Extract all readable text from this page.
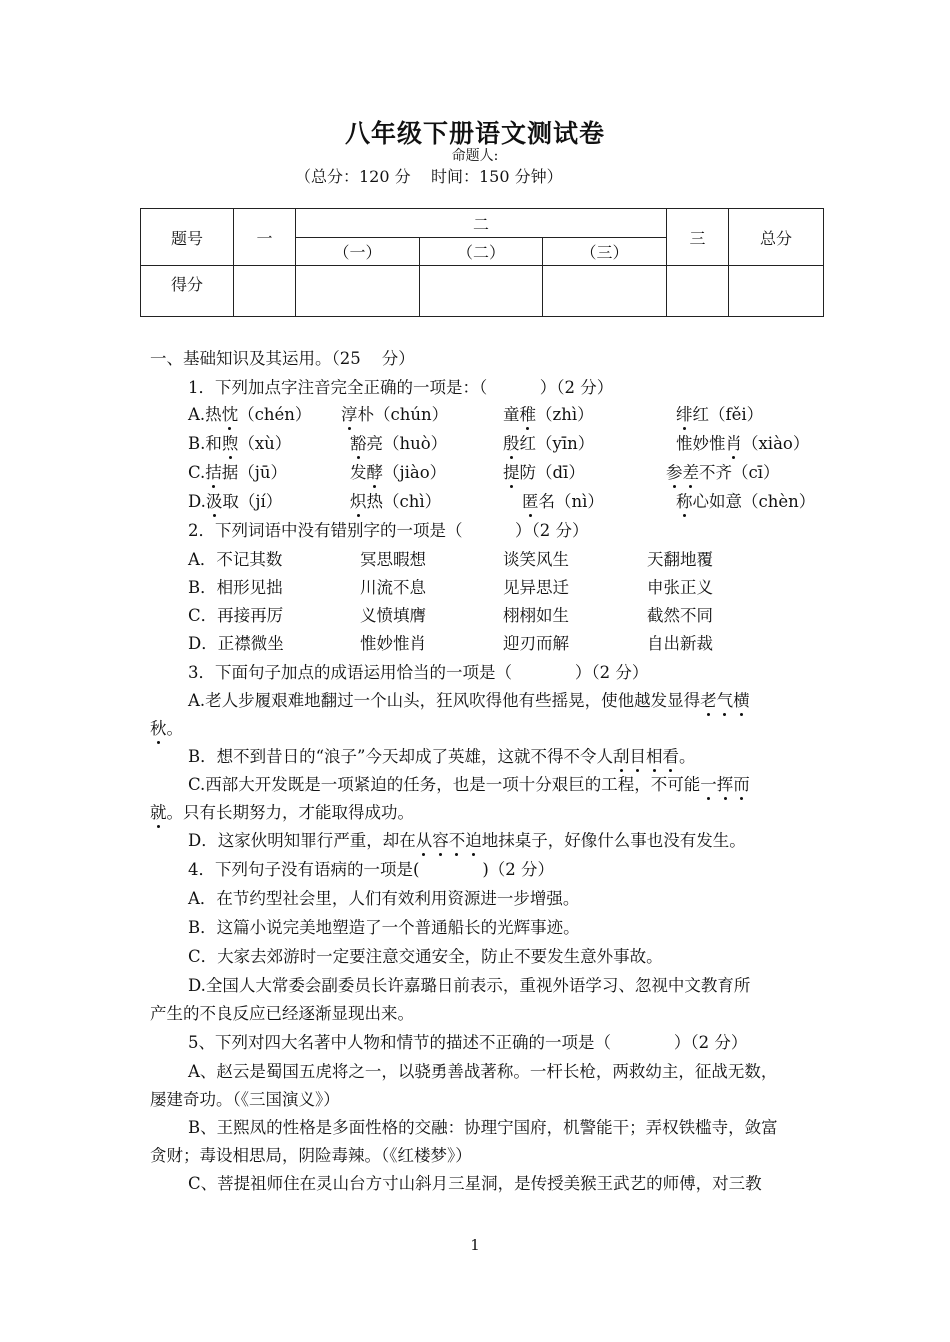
八年级下册语文测试卷
命题人:
（总分：120 分    时间：150 分钟）
题号	一	二			三	总分
		（一）	（二）	（三）		
得分						
一、基础知识及其运用。（25    分）
1．下列加点字注音完全正确的一项是：（          ）（2 分）
A.热忱（chén） 淳朴（chún）	童稚（zhì）	绯红（fěi）
B.和煦（xù）	豁亮（huò）	殷红（yīn）	惟妙惟肖（xiào）
C.拮据（jū）	发酵（jiào）	提防（dī）	参差不齐（cī）
D.汲取（jí）	炽热（chì）	匿名（nì）	称心如意（chèn）
2．下列词语中没有错别字的一项是（          ）（2 分）
A．不记其数	冥思暇想	谈笑风生	天翻地覆
B．相形见拙	川流不息	见异思迁	申张正义
C．再接再厉	义愤填膺	栩栩如生	截然不同
D．正襟微坐	惟妙惟肖	迎刃而解	自出新裁
3．下面句子加点的成语运用恰当的一项是（            ）（2 分）
A.老人步履艰难地翻过一个山头，狂风吹得他有些摇晃，使他越发显得老气横
秋。
B．想不到昔日的“浪子”今天却成了英雄，这就不得不令人刮目相看。
C.西部大开发既是一项紧迫的任务，也是一项十分艰巨的工程，不可能一挥而
就。只有长期努力，才能取得成功。
D．这家伙明知罪行严重，却在从容不迫地抹桌子，好像什么事也没有发生。
4．下列句子没有语病的一项是(            )（2 分）
A．在节约型社会里，人们有效利用资源进一步增强。
B．这篇小说完美地塑造了一个普通船长的光辉事迹。
C．大家去郊游时一定要注意交通安全，防止不要发生意外事故。
D.全国人大常委会副委员长许嘉璐日前表示，重视外语学习、忽视中文教育所
产生的不良反应已经逐渐显现出来。
5、下列对四大名著中人物和情节的描述不正确的一项是（            ）（2 分）
A、赵云是蜀国五虎将之一，以骁勇善战著称。一杆长枪，两救幼主，征战无数，
屡建奇功。（《三国演义》）
B、王熙凤的性格是多面性格的交融：协理宁国府，机警能干；弄权铁槛寺，敛富
贪财；毒设相思局，阴险毒辣。（《红楼梦》）
C、菩提祖师住在灵山台方寸山斜月三星洞，是传授美猴王武艺的师傅，对三教
1
